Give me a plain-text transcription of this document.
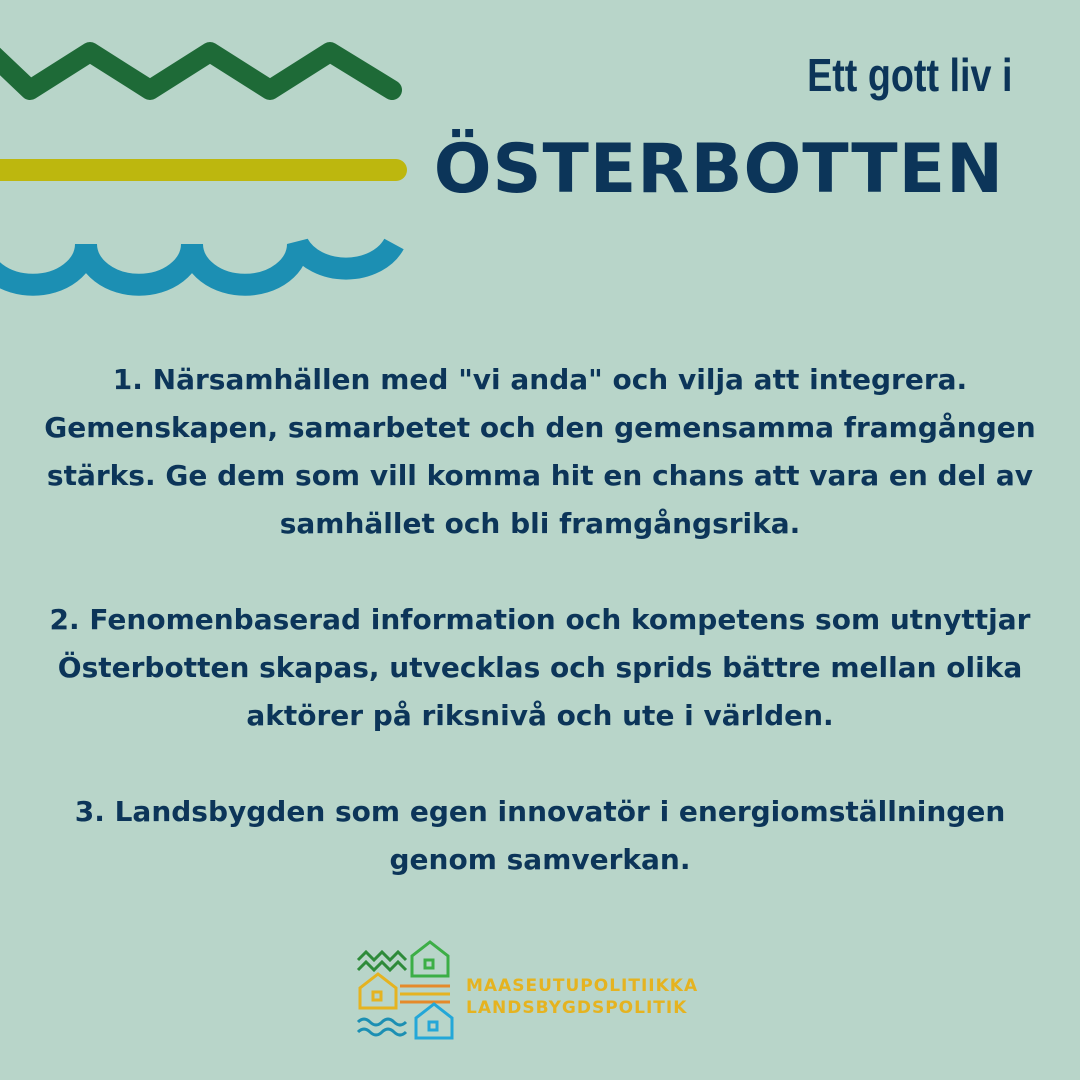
Ett gott liv i
ÖSTERBOTTEN

1. Närsamhällen med "vi anda" och vilja att integrera. Gemenskapen, samarbetet och den gemensamma framgången stärks. Ge dem som vill komma hit en chans att vara en del av samhället och bli framgångsrika.

2. Fenomenbaserad information och kompetens som utnyttjar Österbotten skapas, utvecklas och sprids bättre mellan olika aktörer på riksnivå och ute i världen.

3. Landsbygden som egen innovatör i energiomställningen genom samverkan.

MAASEUTUPOLITIIKKA
LANDSBYGDSPOLITIK
